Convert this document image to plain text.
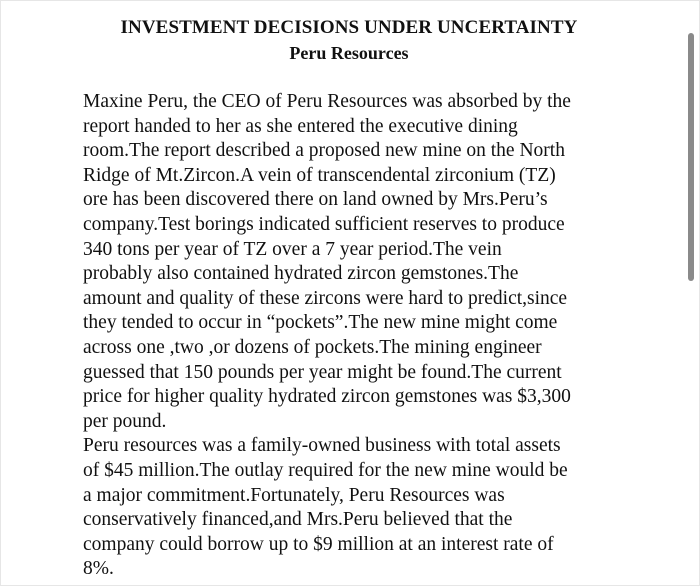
INVESTMENT DECISIONS UNDER UNCERTAINTY
Peru Resources
Maxine Peru, the CEO of Peru Resources was absorbed by the
report handed to her as she entered the executive dining
room.The report described a proposed new mine on the North
Ridge of Mt.Zircon.A vein of transcendental zirconium (TZ)
ore has been discovered there on land owned by Mrs.Peru’s
company.Test borings indicated sufficient reserves to produce
340 tons per year of TZ over a 7 year period.The vein
probably also contained hydrated zircon gemstones.The
amount and quality of these zircons were hard to predict,since
they tended to occur in “pockets”.The new mine might come
across one ,two ,or dozens of pockets.The mining engineer
guessed that 150 pounds per year might be found.The current
price for higher quality hydrated zircon gemstones was $3,300
per pound.
Peru resources was a family-owned business with total assets
of $45 million.The outlay required for the new mine would be
a major commitment.Fortunately, Peru Resources was
conservatively financed,and Mrs.Peru believed that the
company could borrow up to $9 million at an interest rate of
8%.
